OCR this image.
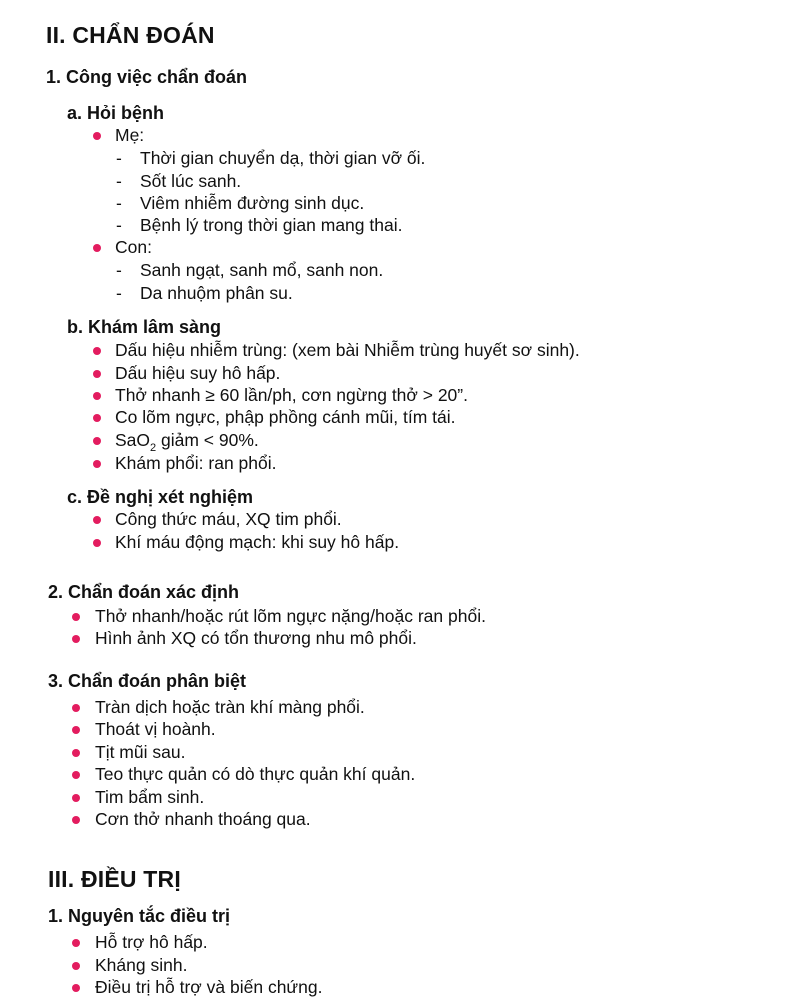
II. CHẨN ĐOÁN
1. Công việc chẩn đoán
a. Hỏi bệnh
Mẹ:
- Thời gian chuyển dạ, thời gian vỡ ối.
- Sốt lúc sanh.
- Viêm nhiễm đường sinh dục.
- Bệnh lý trong thời gian mang thai.
Con:
- Sanh ngạt, sanh mổ, sanh non.
- Da nhuộm phân su.
b. Khám lâm sàng
Dấu hiệu nhiễm trùng: (xem bài Nhiễm trùng huyết sơ sinh).
Dấu hiệu suy hô hấp.
Thở nhanh ≥ 60 lần/ph, cơn ngừng thở > 20”.
Co lõm ngực, phập phồng cánh mũi, tím tái.
SaO$_2$ giảm < 90%.
Khám phổi: ran phổi.
c. Đề nghị xét nghiệm
Công thức máu, XQ tim phổi.
Khí máu động mạch: khi suy hô hấp.
2. Chẩn đoán xác định
Thở nhanh/hoặc rút lõm ngực nặng/hoặc ran phổi.
Hình ảnh XQ có tổn thương nhu mô phổi.
3. Chẩn đoán phân biệt
Tràn dịch hoặc tràn khí màng phổi.
Thoát vị hoành.
Tịt mũi sau.
Teo thực quản có dò thực quản khí quản.
Tim bẩm sinh.
Cơn thở nhanh thoáng qua.
III. ĐIỀU TRỊ
1. Nguyên tắc điều trị
Hỗ trợ hô hấp.
Kháng sinh.
Điều trị hỗ trợ và biến chứng.
